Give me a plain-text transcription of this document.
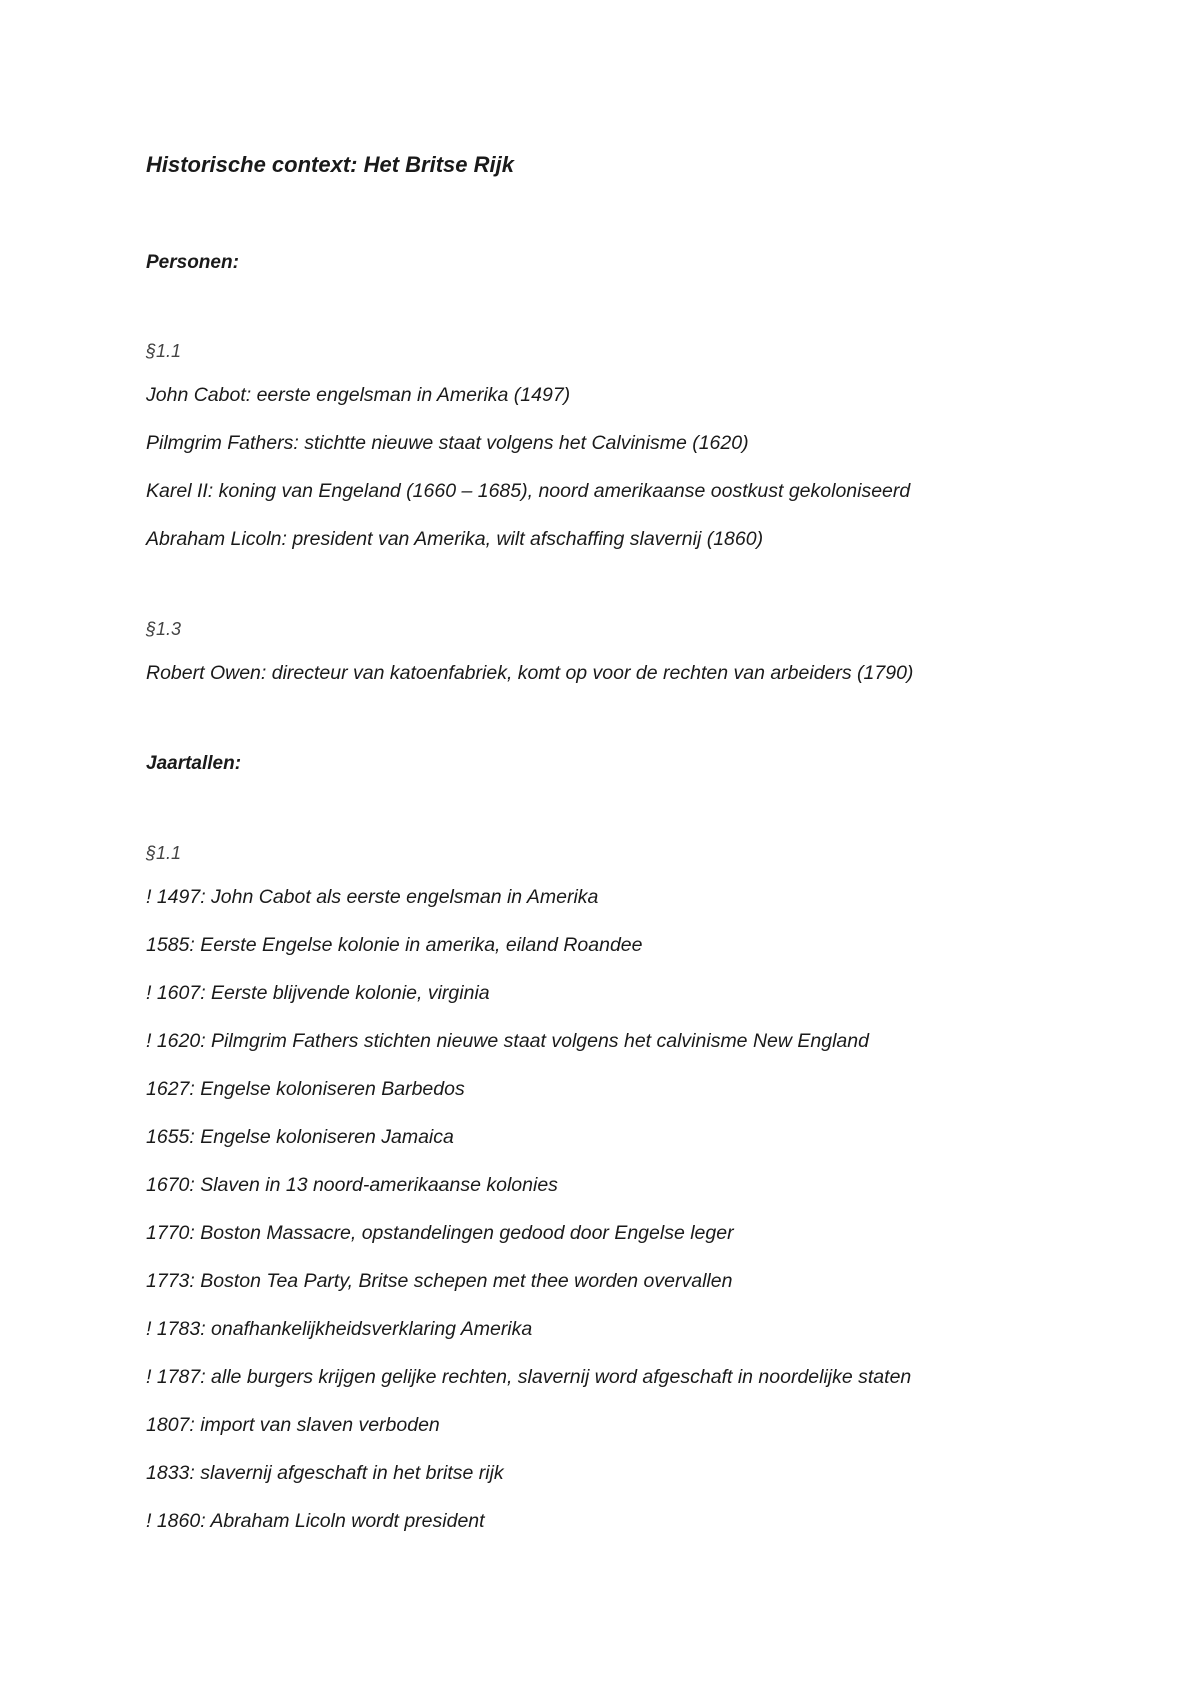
Historische context: Het Britse Rijk

Personen:

§1.1

John Cabot: eerste engelsman in Amerika (1497)

Pilmgrim Fathers: stichtte nieuwe staat volgens het Calvinisme (1620)

Karel II: koning van Engeland (1660 – 1685), noord amerikaanse oostkust gekoloniseerd

Abraham Licoln: president van Amerika, wilt afschaffing slavernij (1860)

§1.3

Robert Owen: directeur van katoenfabriek, komt op voor de rechten van arbeiders (1790)

Jaartallen:

§1.1

! 1497: John Cabot als eerste engelsman in Amerika

1585: Eerste Engelse kolonie in amerika, eiland Roandee

! 1607: Eerste blijvende kolonie, virginia

! 1620: Pilmgrim Fathers stichten nieuwe staat volgens het calvinisme New England

1627: Engelse koloniseren Barbedos

1655: Engelse koloniseren Jamaica

1670: Slaven in 13 noord-amerikaanse kolonies

1770: Boston Massacre, opstandelingen gedood door Engelse leger

1773: Boston Tea Party, Britse schepen met thee worden overvallen

! 1783: onafhankelijkheidsverklaring Amerika

! 1787: alle burgers krijgen gelijke rechten, slavernij word afgeschaft in noordelijke staten

1807: import van slaven verboden

1833: slavernij afgeschaft in het britse rijk

! 1860: Abraham Licoln wordt president
